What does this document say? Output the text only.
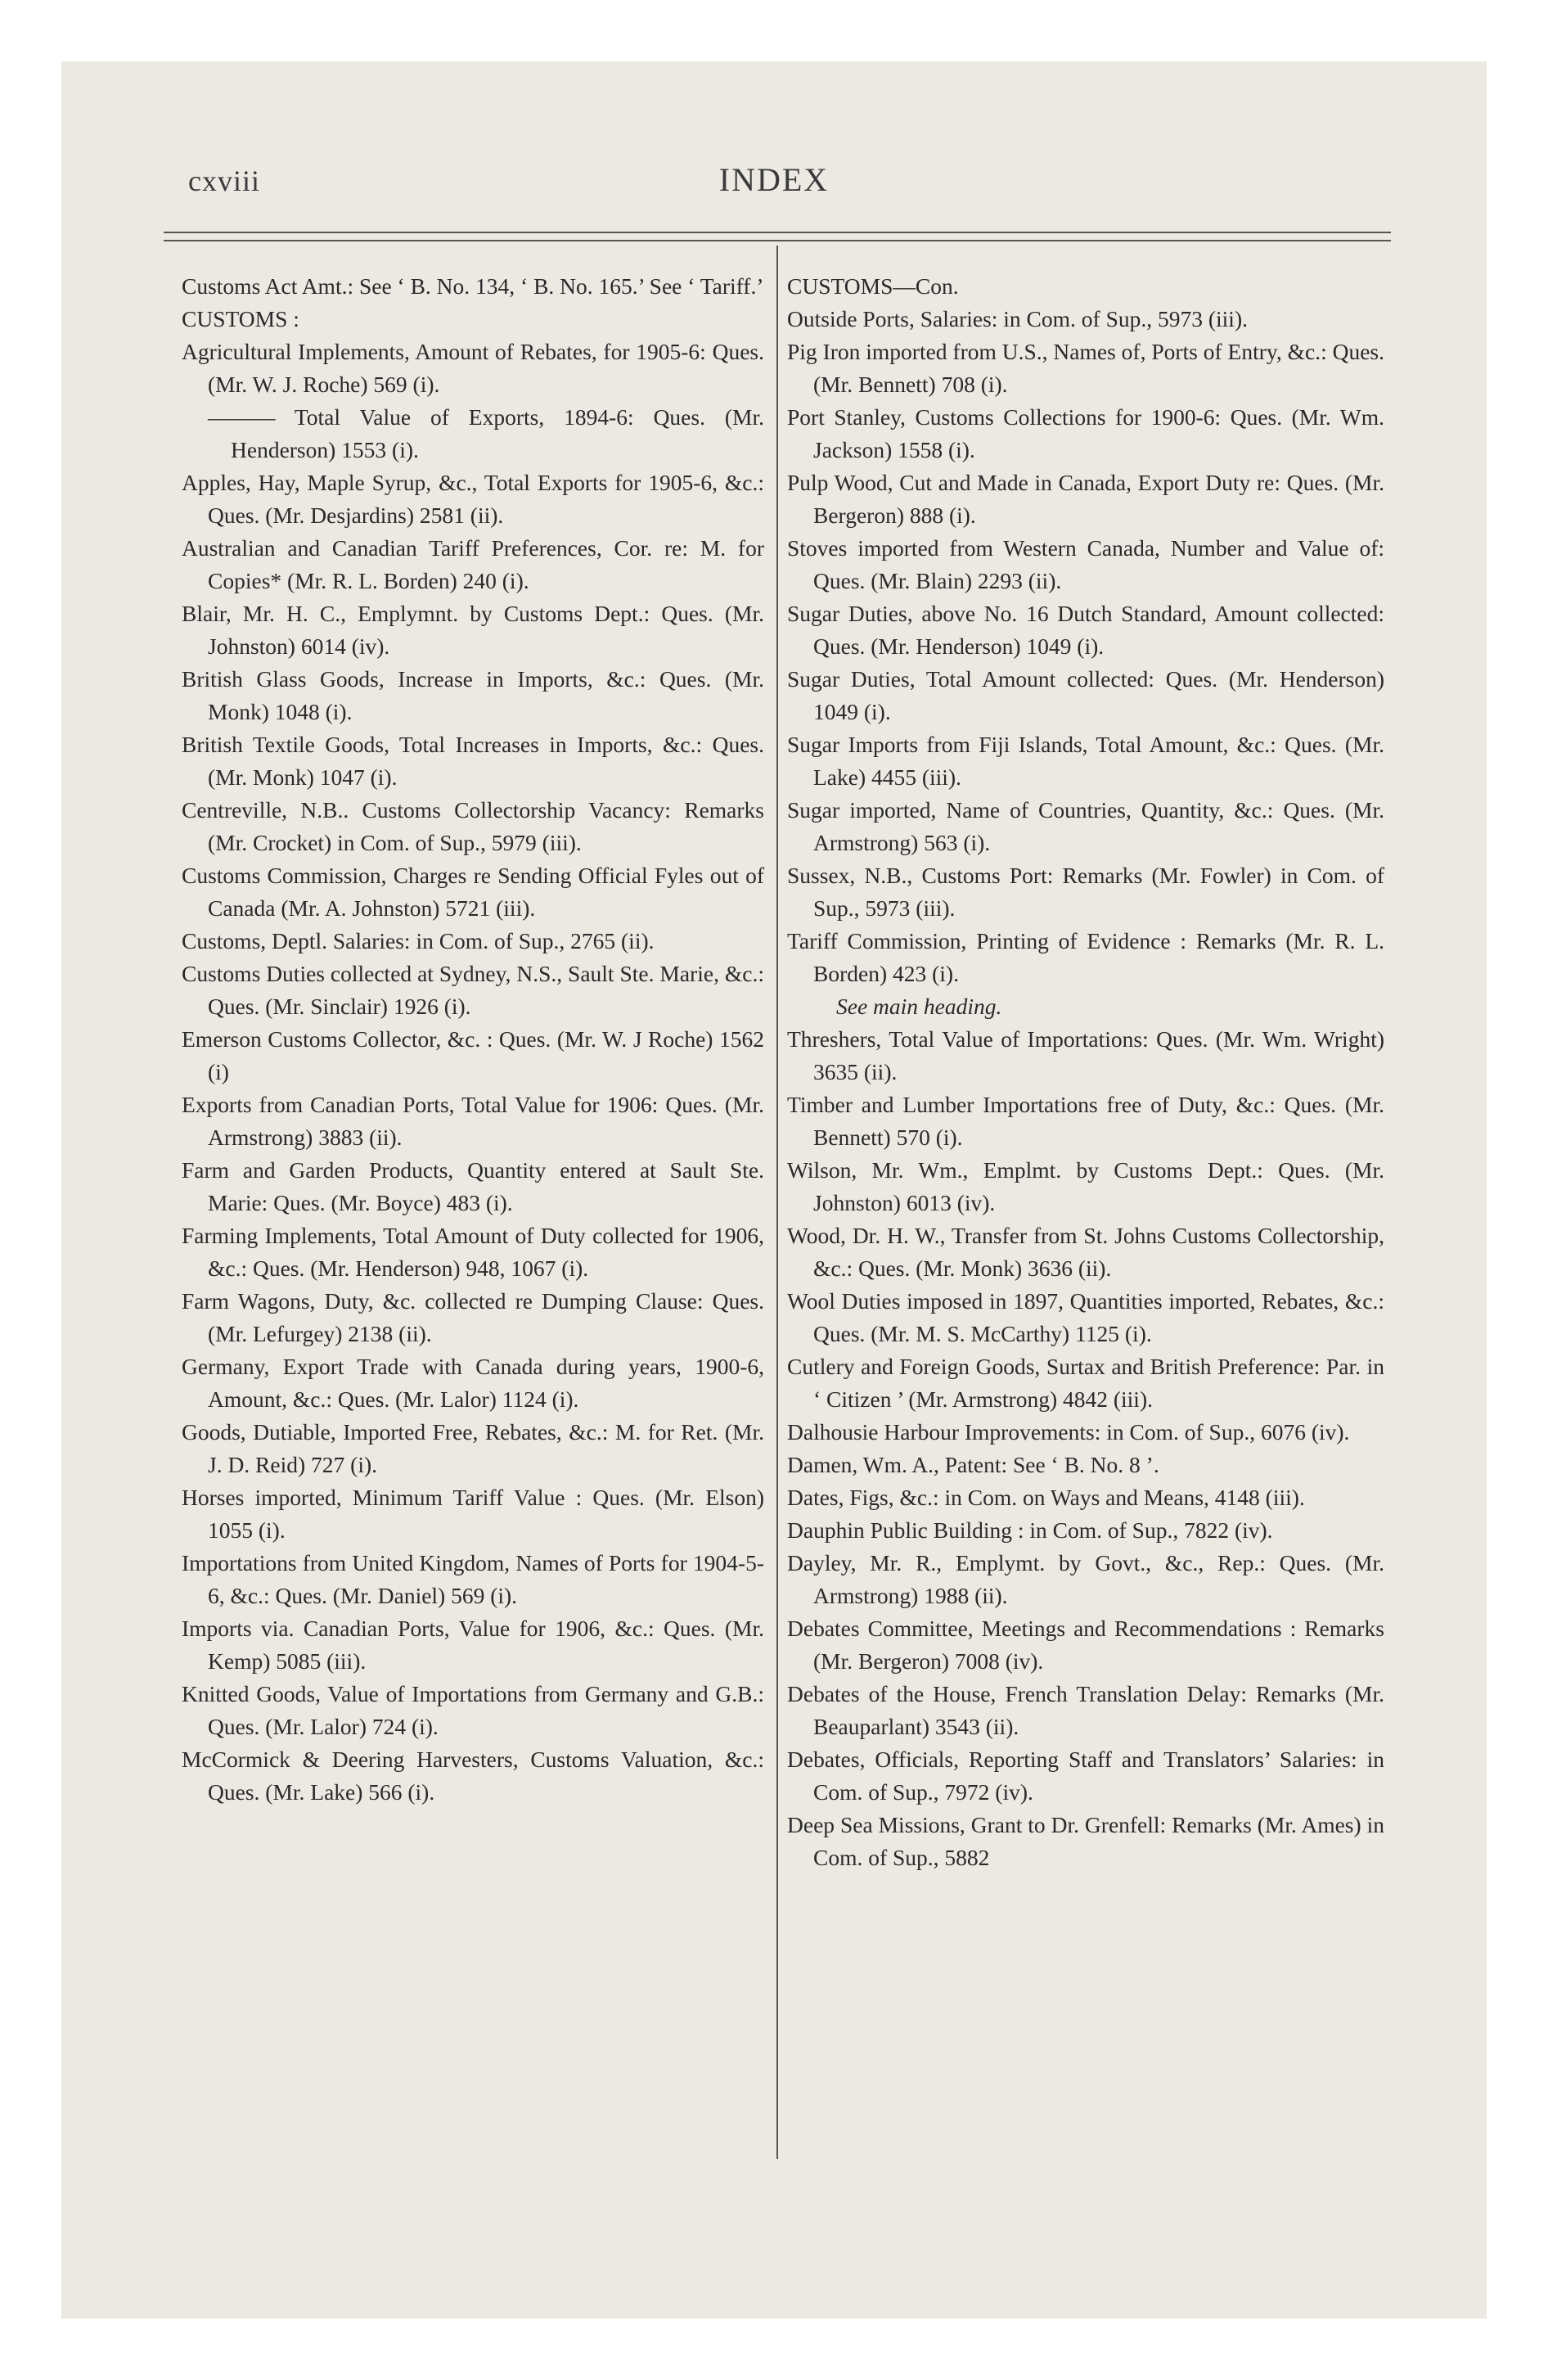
cxviii	INDEX

Customs Act Amt.: See ‘ B. No. 134, ‘ B. No. 165.’ See ‘ Tariff.’

CUSTOMS :

Agricultural Implements, Amount of Rebates, for 1905-6: Ques. (Mr. W. J. Roche) 569 (i).

——— Total Value of Exports, 1894-6: Ques. (Mr. Henderson) 1553 (i).

Apples, Hay, Maple Syrup, &c., Total Exports for 1905-6, &c.: Ques. (Mr. Desjardins) 2581 (ii).

Australian and Canadian Tariff Preferences, Cor. re: M. for Copies* (Mr. R. L. Borden) 240 (i).

Blair, Mr. H. C., Emplymnt. by Customs Dept.: Ques. (Mr. Johnston) 6014 (iv).

British Glass Goods, Increase in Imports, &c.: Ques. (Mr. Monk) 1048 (i).

British Textile Goods, Total Increases in Imports, &c.: Ques. (Mr. Monk) 1047 (i).

Centreville, N.B.. Customs Collectorship Vacancy: Remarks (Mr. Crocket) in Com. of Sup., 5979 (iii).

Customs Commission, Charges re Sending Official Fyles out of Canada (Mr. A. Johnston) 5721 (iii).

Customs, Deptl. Salaries: in Com. of Sup., 2765 (ii).

Customs Duties collected at Sydney, N.S., Sault Ste. Marie, &c.: Ques. (Mr. Sinclair) 1926 (i).

Emerson Customs Collector, &c. : Ques. (Mr. W. J Roche) 1562 (i)

Exports from Canadian Ports, Total Value for 1906: Ques. (Mr. Armstrong) 3883 (ii).

Farm and Garden Products, Quantity entered at Sault Ste. Marie: Ques. (Mr. Boyce) 483 (i).

Farming Implements, Total Amount of Duty collected for 1906, &c.: Ques. (Mr. Henderson) 948, 1067 (i).

Farm Wagons, Duty, &c. collected re Dumping Clause: Ques. (Mr. Lefurgey) 2138 (ii).

Germany, Export Trade with Canada during years, 1900-6, Amount, &c.: Ques. (Mr. Lalor) 1124 (i).

Goods, Dutiable, Imported Free, Rebates, &c.: M. for Ret. (Mr. J. D. Reid) 727 (i).

Horses imported, Minimum Tariff Value : Ques. (Mr. Elson) 1055 (i).

Importations from United Kingdom, Names of Ports for 1904-5-6, &c.: Ques. (Mr. Daniel) 569 (i).

Imports via. Canadian Ports, Value for 1906, &c.: Ques. (Mr. Kemp) 5085 (iii).

Knitted Goods, Value of Importations from Germany and G.B.: Ques. (Mr. Lalor) 724 (i).

McCormick & Deering Harvesters, Customs Valuation, &c.: Ques. (Mr. Lake) 566 (i).

CUSTOMS—Con.

Outside Ports, Salaries: in Com. of Sup., 5973 (iii).

Pig Iron imported from U.S., Names of, Ports of Entry, &c.: Ques. (Mr. Bennett) 708 (i).

Port Stanley, Customs Collections for 1900-6: Ques. (Mr. Wm. Jackson) 1558 (i).

Pulp Wood, Cut and Made in Canada, Export Duty re: Ques. (Mr. Bergeron) 888 (i).

Stoves imported from Western Canada, Number and Value of: Ques. (Mr. Blain) 2293 (ii).

Sugar Duties, above No. 16 Dutch Standard, Amount collected: Ques. (Mr. Henderson) 1049 (i).

Sugar Duties, Total Amount collected: Ques. (Mr. Henderson) 1049 (i).

Sugar Imports from Fiji Islands, Total Amount, &c.: Ques. (Mr. Lake) 4455 (iii).

Sugar imported, Name of Countries, Quantity, &c.: Ques. (Mr. Armstrong) 563 (i).

Sussex, N.B., Customs Port: Remarks (Mr. Fowler) in Com. of Sup., 5973 (iii).

Tariff Commission, Printing of Evidence : Remarks (Mr. R. L. Borden) 423 (i).

See main heading.

Threshers, Total Value of Importations: Ques. (Mr. Wm. Wright) 3635 (ii).

Timber and Lumber Importations free of Duty, &c.: Ques. (Mr. Bennett) 570 (i).

Wilson, Mr. Wm., Emplmt. by Customs Dept.: Ques. (Mr. Johnston) 6013 (iv).

Wood, Dr. H. W., Transfer from St. Johns Customs Collectorship, &c.: Ques. (Mr. Monk) 3636 (ii).

Wool Duties imposed in 1897, Quantities imported, Rebates, &c.: Ques. (Mr. M. S. McCarthy) 1125 (i).

Cutlery and Foreign Goods, Surtax and British Preference: Par. in ‘ Citizen ’ (Mr. Armstrong) 4842 (iii).

Dalhousie Harbour Improvements: in Com. of Sup., 6076 (iv).

Damen, Wm. A., Patent: See ‘ B. No. 8 ’.

Dates, Figs, &c.: in Com. on Ways and Means, 4148 (iii).

Dauphin Public Building : in Com. of Sup., 7822 (iv).

Dayley, Mr. R., Emplymt. by Govt., &c., Rep.: Ques. (Mr. Armstrong) 1988 (ii).

Debates Committee, Meetings and Recommendations : Remarks (Mr. Bergeron) 7008 (iv).

Debates of the House, French Translation Delay: Remarks (Mr. Beauparlant) 3543 (ii).

Debates, Officials, Reporting Staff and Translators’ Salaries: in Com. of Sup., 7972 (iv).

Deep Sea Missions, Grant to Dr. Grenfell: Remarks (Mr. Ames) in Com. of Sup., 5882
